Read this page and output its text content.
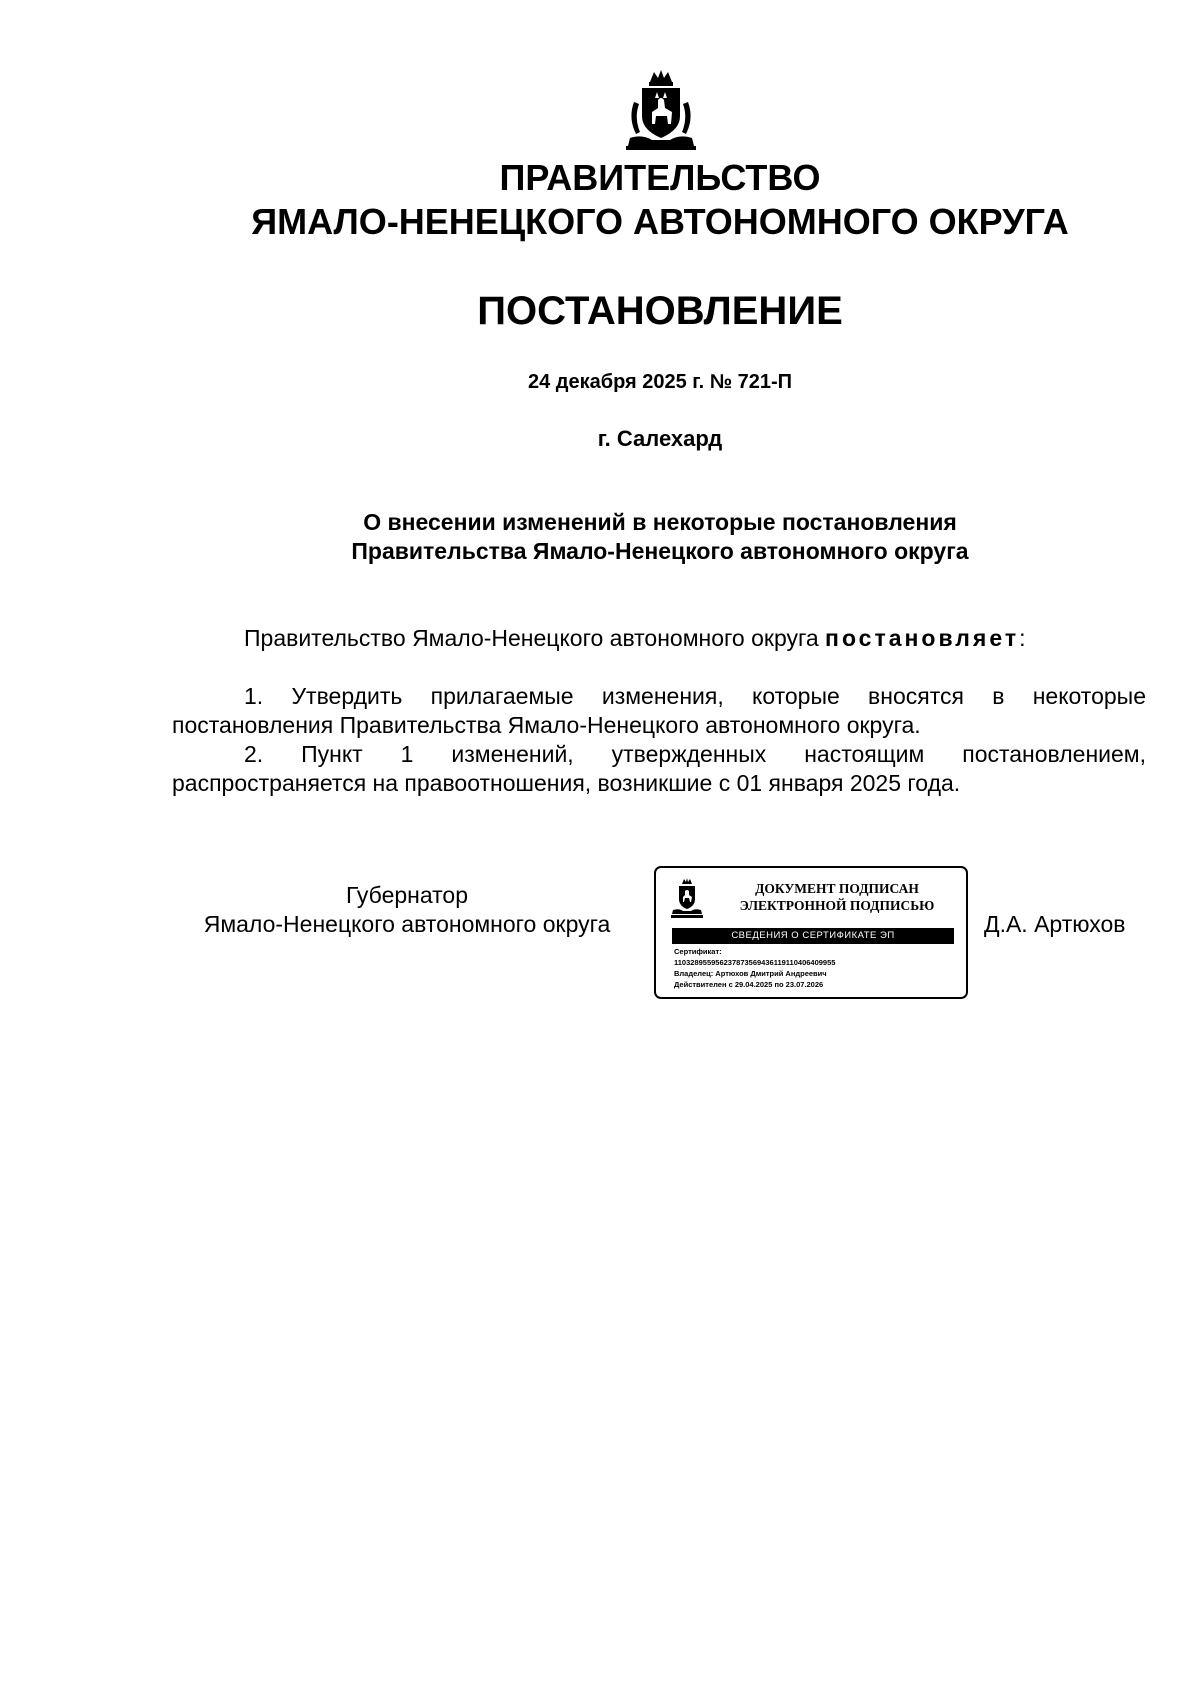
ПРАВИТЕЛЬСТВО
ЯМАЛО-НЕНЕЦКОГО АВТОНОМНОГО ОКРУГА
ПОСТАНОВЛЕНИЕ
24 декабря 2025 г. № 721-П
г. Салехард
О внесении изменений в некоторые постановления
Правительства Ямало-Ненецкого автономного округа
Правительство Ямало-Ненецкого автономного округа постановляет:

1. Утвердить прилагаемые изменения, которые вносятся в некоторые постановления Правительства Ямало-Ненецкого автономного округа.

2. Пункт 1 изменений, утвержденных настоящим постановлением, распространяется на правоотношения, возникшие с 01 января 2025 года.

Губернатор
Ямало-Ненецкого автономного округа
ДОКУМЕНТ ПОДПИСАН
ЭЛЕКТРОННОЙ ПОДПИСЬЮ
СВЕДЕНИЯ О СЕРТИФИКАТЕ ЭП
Сертификат:
110328955956237873569436119110406409955
Владелец: Артюхов Дмитрий Андреевич
Действителен с 29.04.2025 по 23.07.2026
Д.А. Артюхов
